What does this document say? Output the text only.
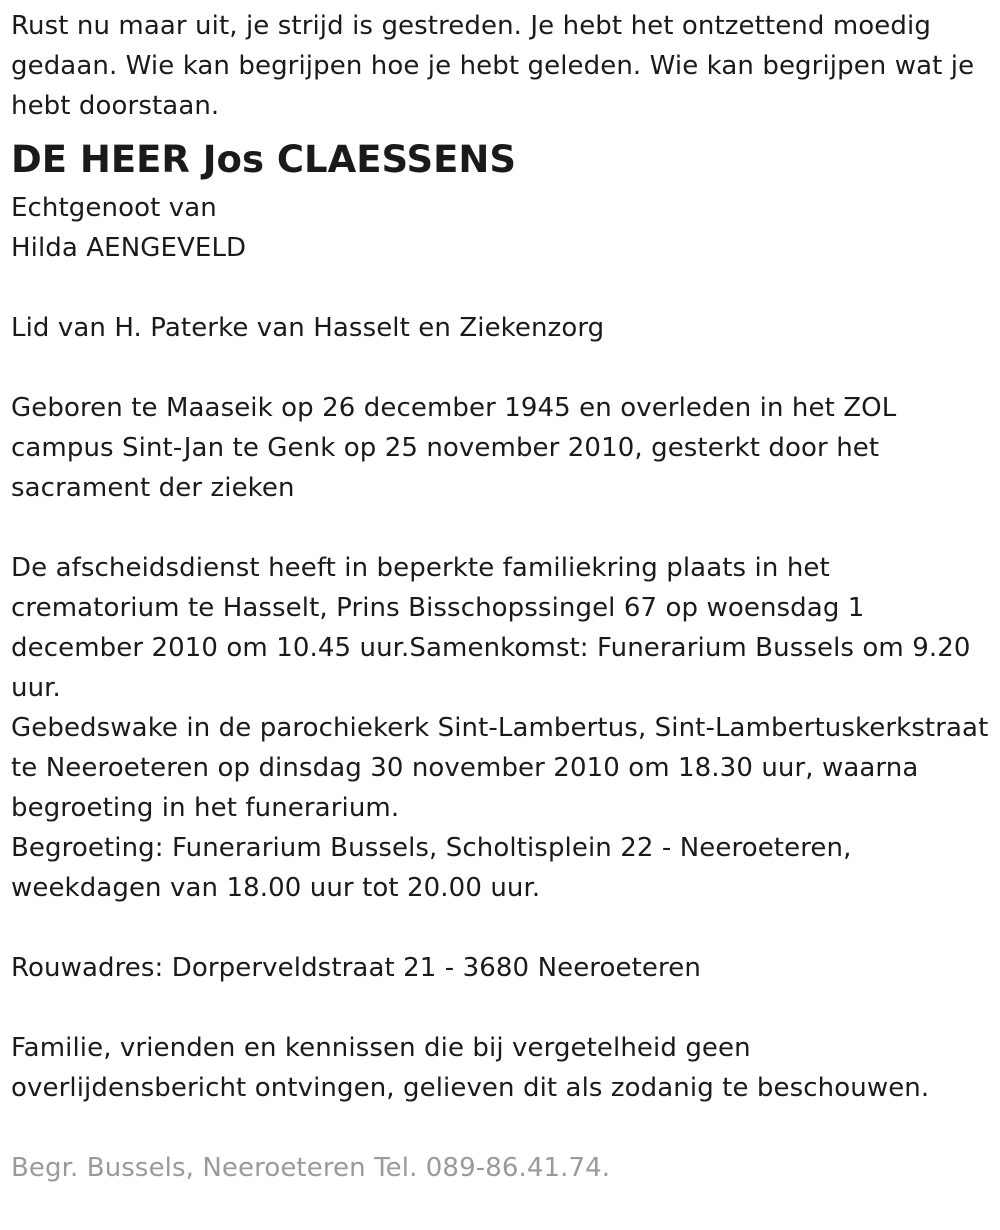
Rust nu maar uit, je strijd is gestreden. Je hebt het ontzettend moedig gedaan. Wie kan begrijpen hoe je hebt geleden. Wie kan begrijpen wat je hebt doorstaan.

DE HEER Jos CLAESSENS

Echtgenoot van

Hilda AENGEVELD

Lid van H. Paterke van Hasselt en Ziekenzorg

Geboren te Maaseik op 26 december 1945 en overleden in het ZOL campus Sint-Jan te Genk op 25 november 2010, gesterkt door het sacrament der zieken

De afscheidsdienst heeft in beperkte familiekring plaats in het crematorium te Hasselt, Prins Bisschopssingel 67 op woensdag 1 december 2010 om 10.45 uur.Samenkomst: Funerarium Bussels om 9.20 uur.

Gebedswake in de parochiekerk Sint-Lambertus, Sint-Lambertuskerkstraat te Neeroeteren op dinsdag 30 november 2010 om 18.30 uur, waarna begroeting in het funerarium.

Begroeting: Funerarium Bussels, Scholtisplein 22 - Neeroeteren, weekdagen van 18.00 uur tot 20.00 uur.

Rouwadres: Dorperveldstraat 21 - 3680 Neeroeteren

Familie, vrienden en kennissen die bij vergetelheid geen overlijdensbericht ontvingen, gelieven dit als zodanig te beschouwen.

Begr. Bussels, Neeroeteren Tel. 089-86.41.74.
